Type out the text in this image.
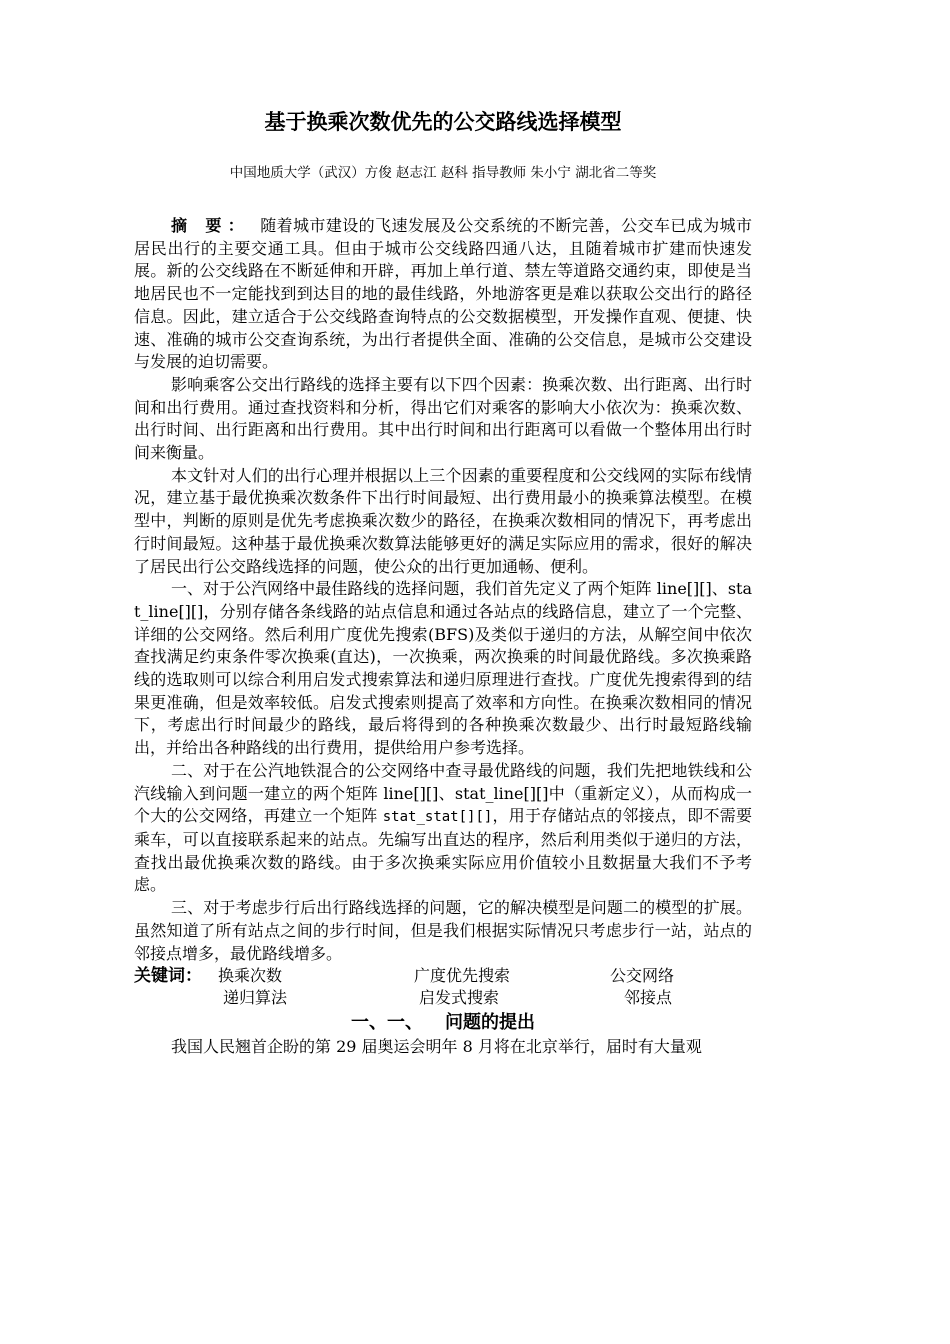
基于换乘次数优先的公交路线选择模型
中国地质大学（武汉）方俊 赵志江 赵科 指导教师 朱小宁 湖北省二等奖

摘 要： 随着城市建设的飞速发展及公交系统的不断完善，公交车已成为城市居民出行的主要交通工具。但由于城市公交线路四通八达，且随着城市扩建而快速发展。新的公交线路在不断延伸和开辟，再加上单行道、禁左等道路交通约束，即使是当地居民也不一定能找到到达目的地的最佳线路，外地游客更是难以获取公交出行的路径信息。因此，建立适合于公交线路查询特点的公交数据模型，开发操作直观、便捷、快速、准确的城市公交查询系统，为出行者提供全面、准确的公交信息，是城市公交建设与发展的迫切需要。

影响乘客公交出行路线的选择主要有以下四个因素：换乘次数、出行距离、出行时间和出行费用。通过查找资料和分析，得出它们对乘客的影响大小依次为：换乘次数、出行时间、出行距离和出行费用。其中出行时间和出行距离可以看做一个整体用出行时间来衡量。

本文针对人们的出行心理并根据以上三个因素的重要程度和公交线网的实际布线情况，建立基于最优换乘次数条件下出行时间最短、出行费用最小的换乘算法模型。在模型中，判断的原则是优先考虑换乘次数少的路径，在换乘次数相同的情况下，再考虑出行时间最短。这种基于最优换乘次数算法能够更好的满足实际应用的需求，很好的解决了居民出行公交路线选择的问题，使公众的出行更加通畅、便利。

一、对于公汽网络中最佳路线的选择问题，我们首先定义了两个矩阵 line[][]、stat_line[][]，分别存储各条线路的站点信息和通过各站点的线路信息，建立了一个完整、详细的公交网络。然后利用广度优先搜索(BFS)及类似于递归的方法，从解空间中依次查找满足约束条件零次换乘(直达)，一次换乘，两次换乘的时间最优路线。多次换乘路线的选取则可以综合利用启发式搜索算法和递归原理进行查找。广度优先搜索得到的结果更准确，但是效率较低。启发式搜索则提高了效率和方向性。在换乘次数相同的情况下，考虑出行时间最少的路线，最后将得到的各种换乘次数最少、出行时最短路线输出，并给出各种路线的出行费用，提供给用户参考选择。

二、对于在公汽地铁混合的公交网络中查寻最优路线的问题，我们先把地铁线和公汽线输入到问题一建立的两个矩阵 line[][]、stat_line[][]中（重新定义），从而构成一个大的公交网络，再建立一个矩阵 stat_stat[][]，用于存储站点的邻接点，即不需要乘车，可以直接联系起来的站点。先编写出直达的程序，然后利用类似于递归的方法，查找出最优换乘次数的路线。由于多次换乘实际应用价值较小且数据量大我们不予考虑。

三、对于考虑步行后出行路线选择的问题，它的解决模型是问题二的模型的扩展。虽然知道了所有站点之间的步行时间，但是我们根据实际情况只考虑步行一站，站点的邻接点增多，最优路线增多。

关键词： 换乘次数	广度优先搜索	公交网络
递归算法	启发式搜索	邻接点
一、一、 问题的提出

我国人民翘首企盼的第 29 届奥运会明年 8 月将在北京举行，届时有大量观
